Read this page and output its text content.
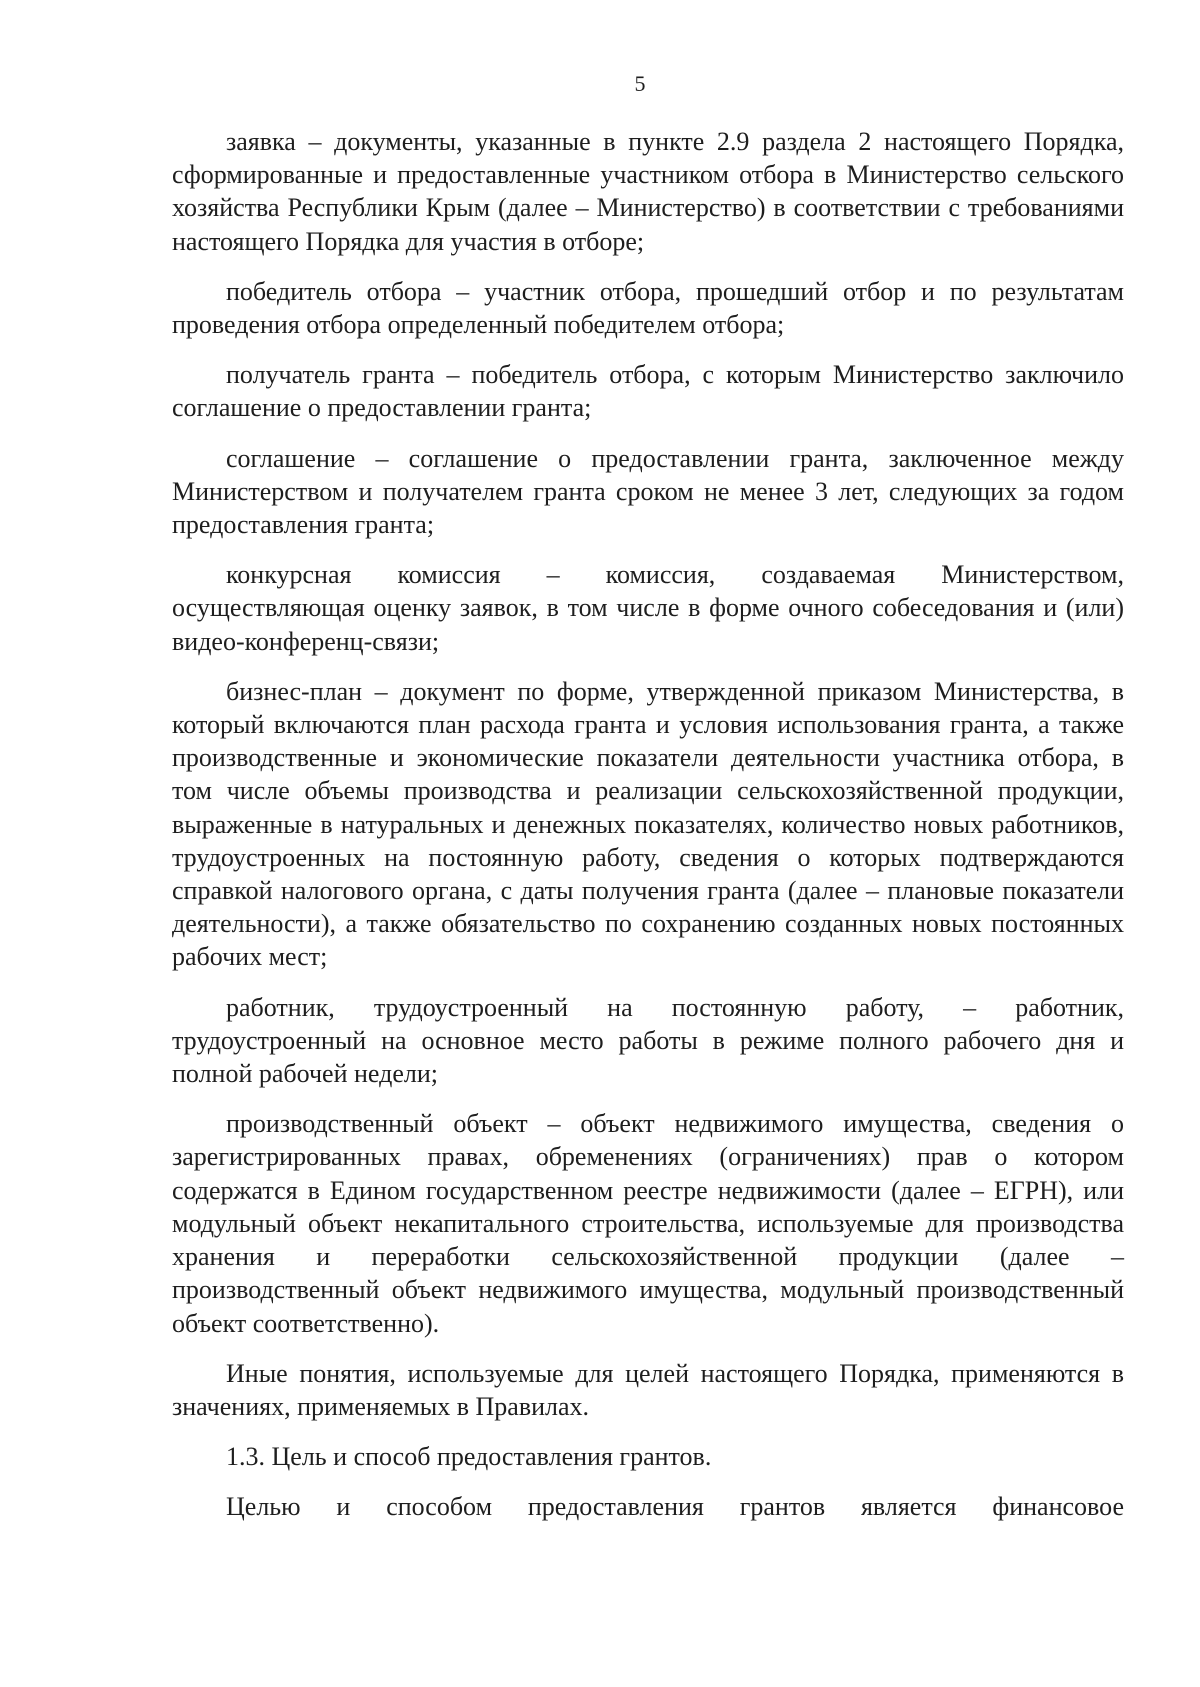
5

заявка – документы, указанные в пункте 2.9 раздела 2 настоящего Порядка, сформированные и предоставленные участником отбора в Министерство сельского хозяйства Республики Крым (далее – Министерство) в соответствии с требованиями настоящего Порядка для участия в отборе;

победитель отбора – участник отбора, прошедший отбор и по результатам проведения отбора определенный победителем отбора;

получатель гранта – победитель отбора, с которым Министерство заключило соглашение о предоставлении гранта;

соглашение – соглашение о предоставлении гранта, заключенное между Министерством и получателем гранта сроком не менее 3 лет, следующих за годом предоставления гранта;

конкурсная комиссия – комиссия, создаваемая Министерством, осуществляющая оценку заявок, в том числе в форме очного собеседования и (или) видео-конференц-связи;

бизнес-план – документ по форме, утвержденной приказом Министерства, в который включаются план расхода гранта и условия использования гранта, а также производственные и экономические показатели деятельности участника отбора, в том числе объемы производства и реализации сельскохозяйственной продукции, выраженные в натуральных и денежных показателях, количество новых работников, трудоустроенных на постоянную работу, сведения о которых подтверждаются справкой налогового органа, с даты получения гранта (далее – плановые показатели деятельности), а также обязательство по сохранению созданных новых постоянных рабочих мест;

работник, трудоустроенный на постоянную работу, – работник, трудоустроенный на основное место работы в режиме полного рабочего дня и полной рабочей недели;

производственный объект – объект недвижимого имущества, сведения о зарегистрированных правах, обременениях (ограничениях) прав о котором содержатся в Едином государственном реестре недвижимости (далее – ЕГРН), или модульный объект некапитального строительства, используемые для производства хранения и переработки сельскохозяйственной продукции (далее – производственный объект недвижимого имущества, модульный производственный объект соответственно).

Иные понятия, используемые для целей настоящего Порядка, применяются в значениях, применяемых в Правилах.

1.3. Цель и способ предоставления грантов.

Целью и способом предоставления грантов является финансовое
